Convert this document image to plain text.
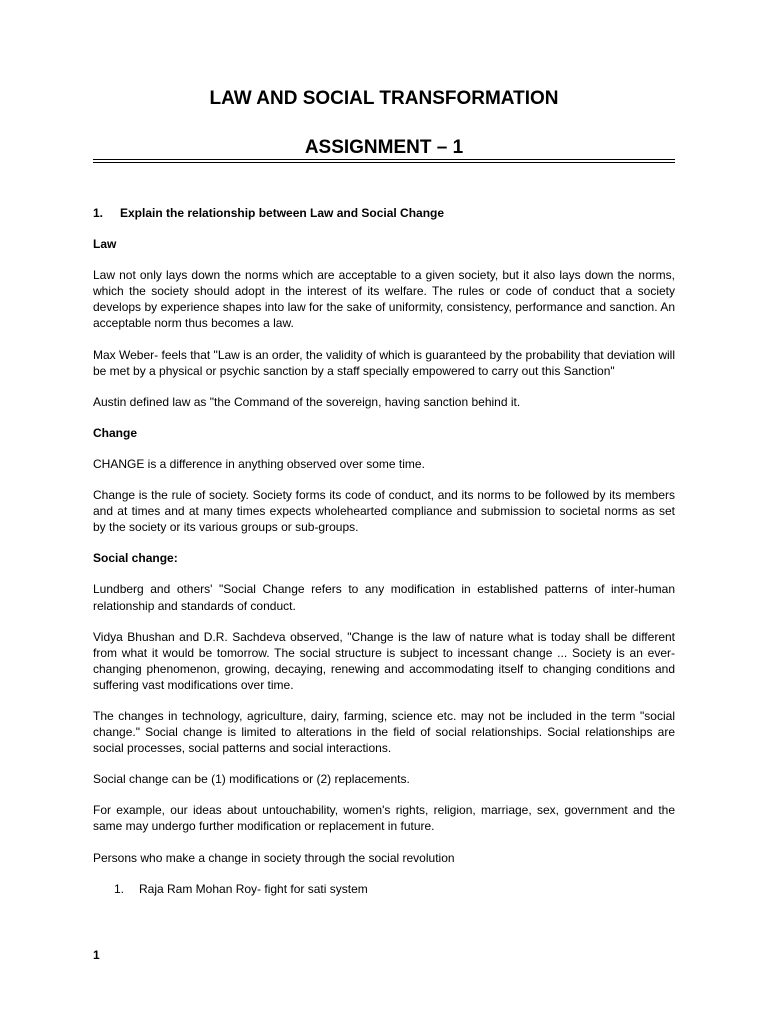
LAW AND SOCIAL TRANSFORMATION
ASSIGNMENT – 1
1.	Explain the relationship between Law and Social Change

Law

Law not only lays down the norms which are acceptable to a given society, but it also lays down the norms, which the society should adopt in the interest of its welfare. The rules or code of conduct that a society develops by experience shapes into law for the sake of uniformity, consistency, performance and sanction. An acceptable norm thus becomes a law.

Max Weber- feels that "Law is an order, the validity of which is guaranteed by the probability that deviation will be met by a physical or psychic sanction by a staff specially empowered to carry out this Sanction"

Austin defined law as "the Command of the sovereign, having sanction behind it.

Change

CHANGE is a difference in anything observed over some time.

Change is the rule of society. Society forms its code of conduct, and its norms to be followed by its members and at times and at many times expects wholehearted compliance and submission to societal norms as set by the society or its various groups or sub-groups.

Social change:

Lundberg and others' "Social Change refers to any modification in established patterns of inter-human relationship and standards of conduct.

Vidya Bhushan and D.R. Sachdeva observed, "Change is the law of nature what is today shall be different from what it would be tomorrow. The social structure is subject to incessant change ... Society is an ever-changing phenomenon, growing, decaying, renewing and accommodating itself to changing conditions and suffering vast modifications over time.

The changes in technology, agriculture, dairy, farming, science etc. may not be included in the term "social change." Social change is limited to alterations in the field of social relationships. Social relationships are social processes, social patterns and social interactions.

Social change can be (1) modifications or (2) replacements.

For example, our ideas about untouchability, women's rights, religion, marriage, sex, government and the same may undergo further modification or replacement in future.

Persons who make a change in society through the social revolution

1.	Raja Ram Mohan Roy- fight for sati system
1
